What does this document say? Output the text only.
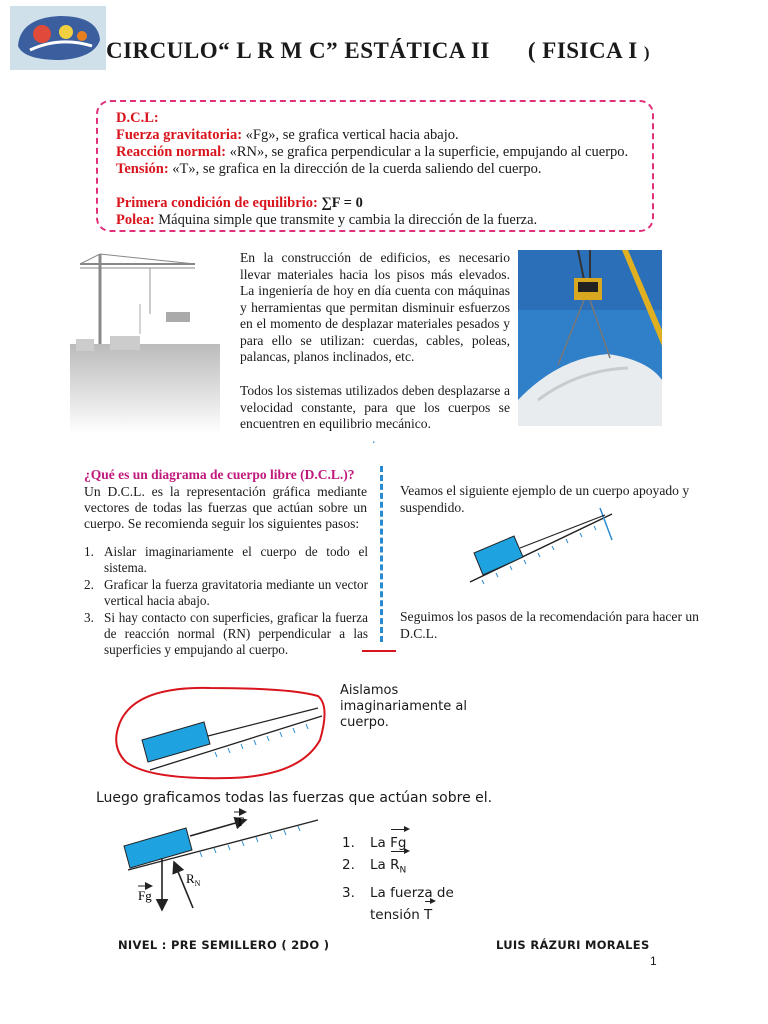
CIRCULO“ L R M C” ESTÁTICA II ( FISICA I )

D.C.L:

Fuerza gravitatoria: «Fg», se grafica vertical hacia abajo.

Reacción normal: «RN», se grafica perpendicular a la superficie, empujando al cuerpo.

Tensión: «T», se grafica en la dirección de la cuerda saliendo del cuerpo.

Primera condición de equilibrio: ∑F = 0

Polea: Máquina simple que transmite y cambia la dirección de la fuerza.

En la construcción de edificios, es necesario llevar materiales hacia los pisos más elevados. La ingeniería de hoy en día cuenta con máquinas y herramientas que permitan disminuir esfuerzos en el momento de desplazar materiales pesados y para ello se utilizan: cuerdas, cables, poleas, palancas, planos inclinados, etc.
Todos los sistemas utilizados deben desplazarse a velocidad constante, para que los cuerpos se encuentren en equilibrio mecánico.
.
¿Qué es un diagrama de cuerpo libre (D.C.L.)?
Un D.C.L. es la representación gráfica mediante vectores de todas las fuerzas que actúan sobre un cuerpo. Se recomienda seguir los siguientes pasos:
1. Aislar imaginariamente el cuerpo de todo el sistema.
2. Graficar la fuerza gravitatoria mediante un vector vertical hacia abajo.
3. Si hay contacto con superficies, graficar la fuerza de reacción normal (RN) perpendicular a las superficies y empujando al cuerpo.
Veamos el siguiente ejemplo de un cuerpo apoyado y suspendido.
Seguimos los pasos de la recomendación para hacer un D.C.L.
T
$R_N$
Fg
Aislamos imaginariamente al cuerpo.
Luego graficamos todas las fuerzas que actúan sobre el.
1.	La
Fg
2.	La
$R_N$
3.	La fuerza de tensión T
NIVEL : PRE SEMILLERO ( 2DO )	LUIS RÁZURI MORALES
1
